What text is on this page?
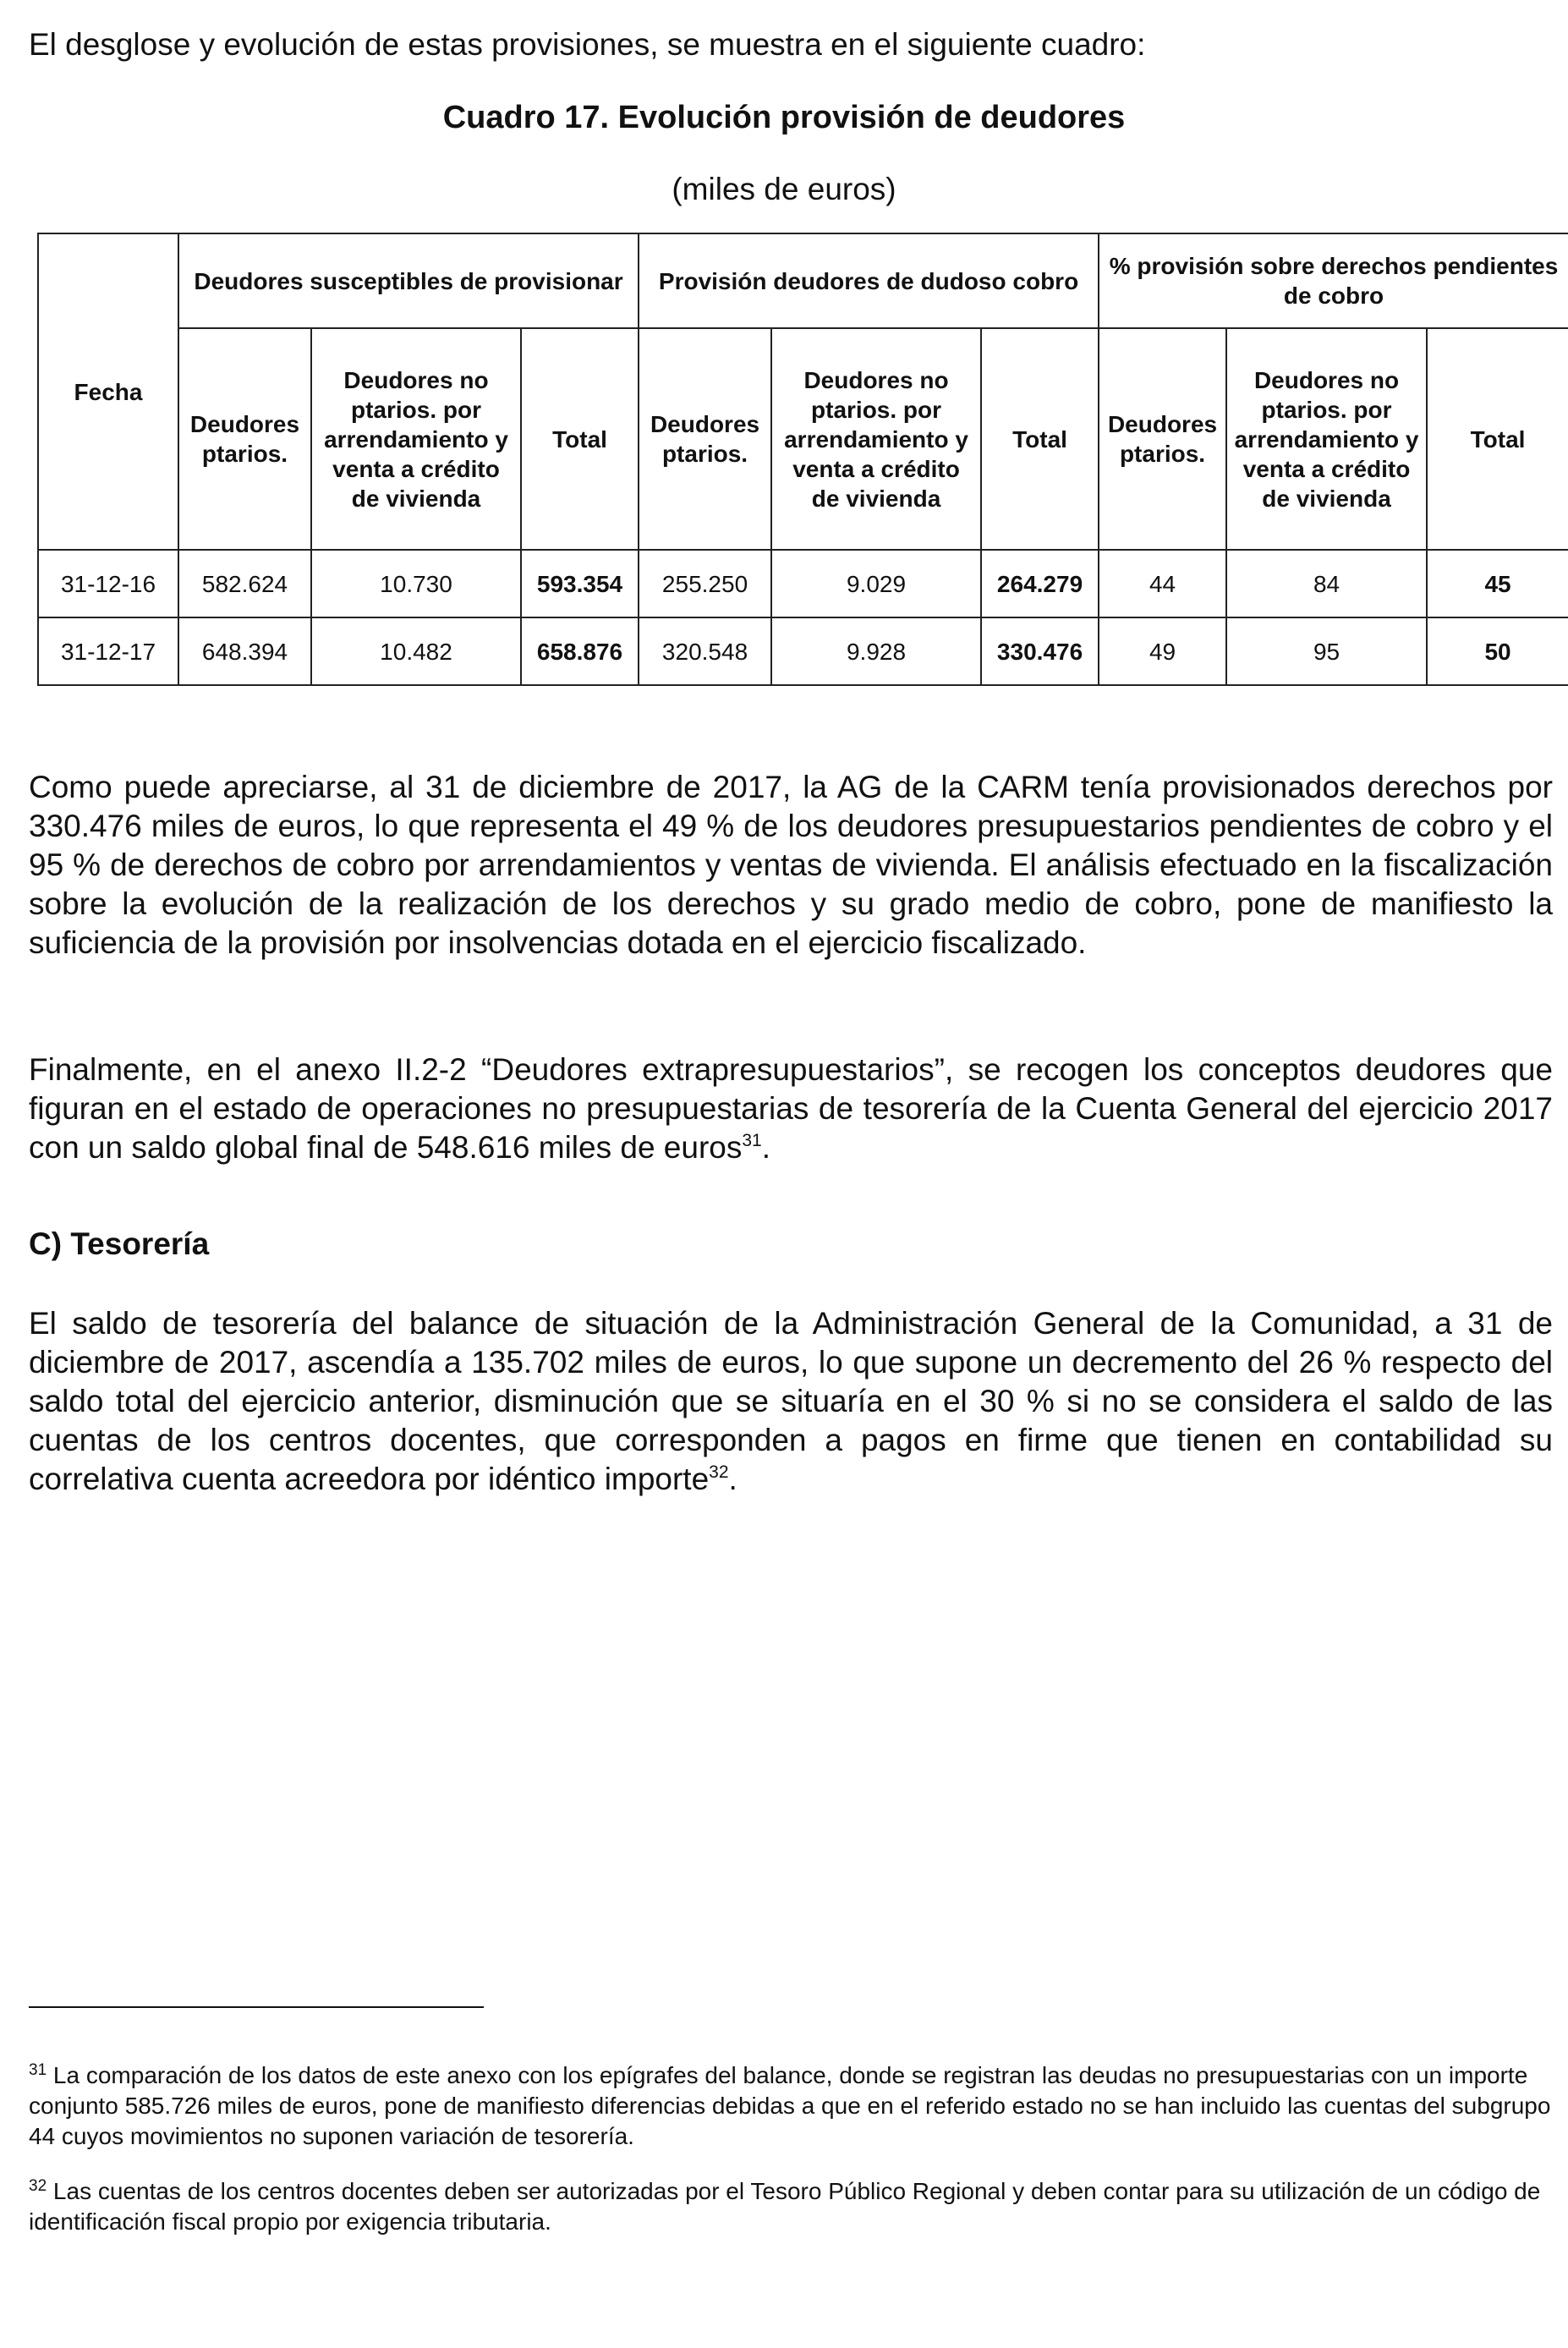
El desglose y evolución de estas provisiones, se muestra en el siguiente cuadro:
Cuadro 17. Evolución provisión de deudores
(miles de euros)
Fecha	Deudores susceptibles de provisionar			Provisión deudores de dudoso cobro			% provisión sobre derechos pendientes de cobro		
	Deudores ptarios.	Deudores no ptarios. por arrendamiento y venta a crédito de vivienda	Total	Deudores ptarios.	Deudores no ptarios. por arrendamiento y venta a crédito de vivienda	Total	Deudores ptarios.	Deudores no ptarios. por arrendamiento y venta a crédito de vivienda	Total
31-12-16	582.624	10.730	593.354	255.250	9.029	264.279	44	84	45
31-12-17	648.394	10.482	658.876	320.548	9.928	330.476	49	95	50
Como puede apreciarse, al 31 de diciembre de 2017, la AG de la CARM tenía provisionados derechos por 330.476 miles de euros, lo que representa el 49 % de los deudores presupuestarios pendientes de cobro y el 95 % de derechos de cobro por arrendamientos y ventas de vivienda. El análisis efectuado en la fiscalización sobre la evolución de la realización de los derechos y su grado medio de cobro, pone de manifiesto la suficiencia de la provisión por insolvencias dotada en el ejercicio fiscalizado.
Finalmente, en el anexo II.2-2 “Deudores extrapresupuestarios”, se recogen los conceptos deudores que figuran en el estado de operaciones no presupuestarias de tesorería de la Cuenta General del ejercicio 2017 con un saldo global final de 548.616 miles de euros$^{31}$.
C) Tesorería
El saldo de tesorería del balance de situación de la Administración General de la Comunidad, a 31 de diciembre de 2017, ascendía a 135.702 miles de euros, lo que supone un decremento del 26 % respecto del saldo total del ejercicio anterior, disminución que se situaría en el 30 % si no se considera el saldo de las cuentas de los centros docentes, que corresponden a pagos en firme que tienen en contabilidad su correlativa cuenta acreedora por idéntico importe$^{32}$.
$^{31}$ La comparación de los datos de este anexo con los epígrafes del balance, donde se registran las deudas no presupuestarias con un importe conjunto 585.726 miles de euros, pone de manifiesto diferencias debidas a que en el referido estado no se han incluido las cuentas del subgrupo 44 cuyos movimientos no suponen variación de tesorería.
$^{32}$ Las cuentas de los centros docentes deben ser autorizadas por el Tesoro Público Regional y deben contar para su utilización de un código de identificación fiscal propio por exigencia tributaria.
